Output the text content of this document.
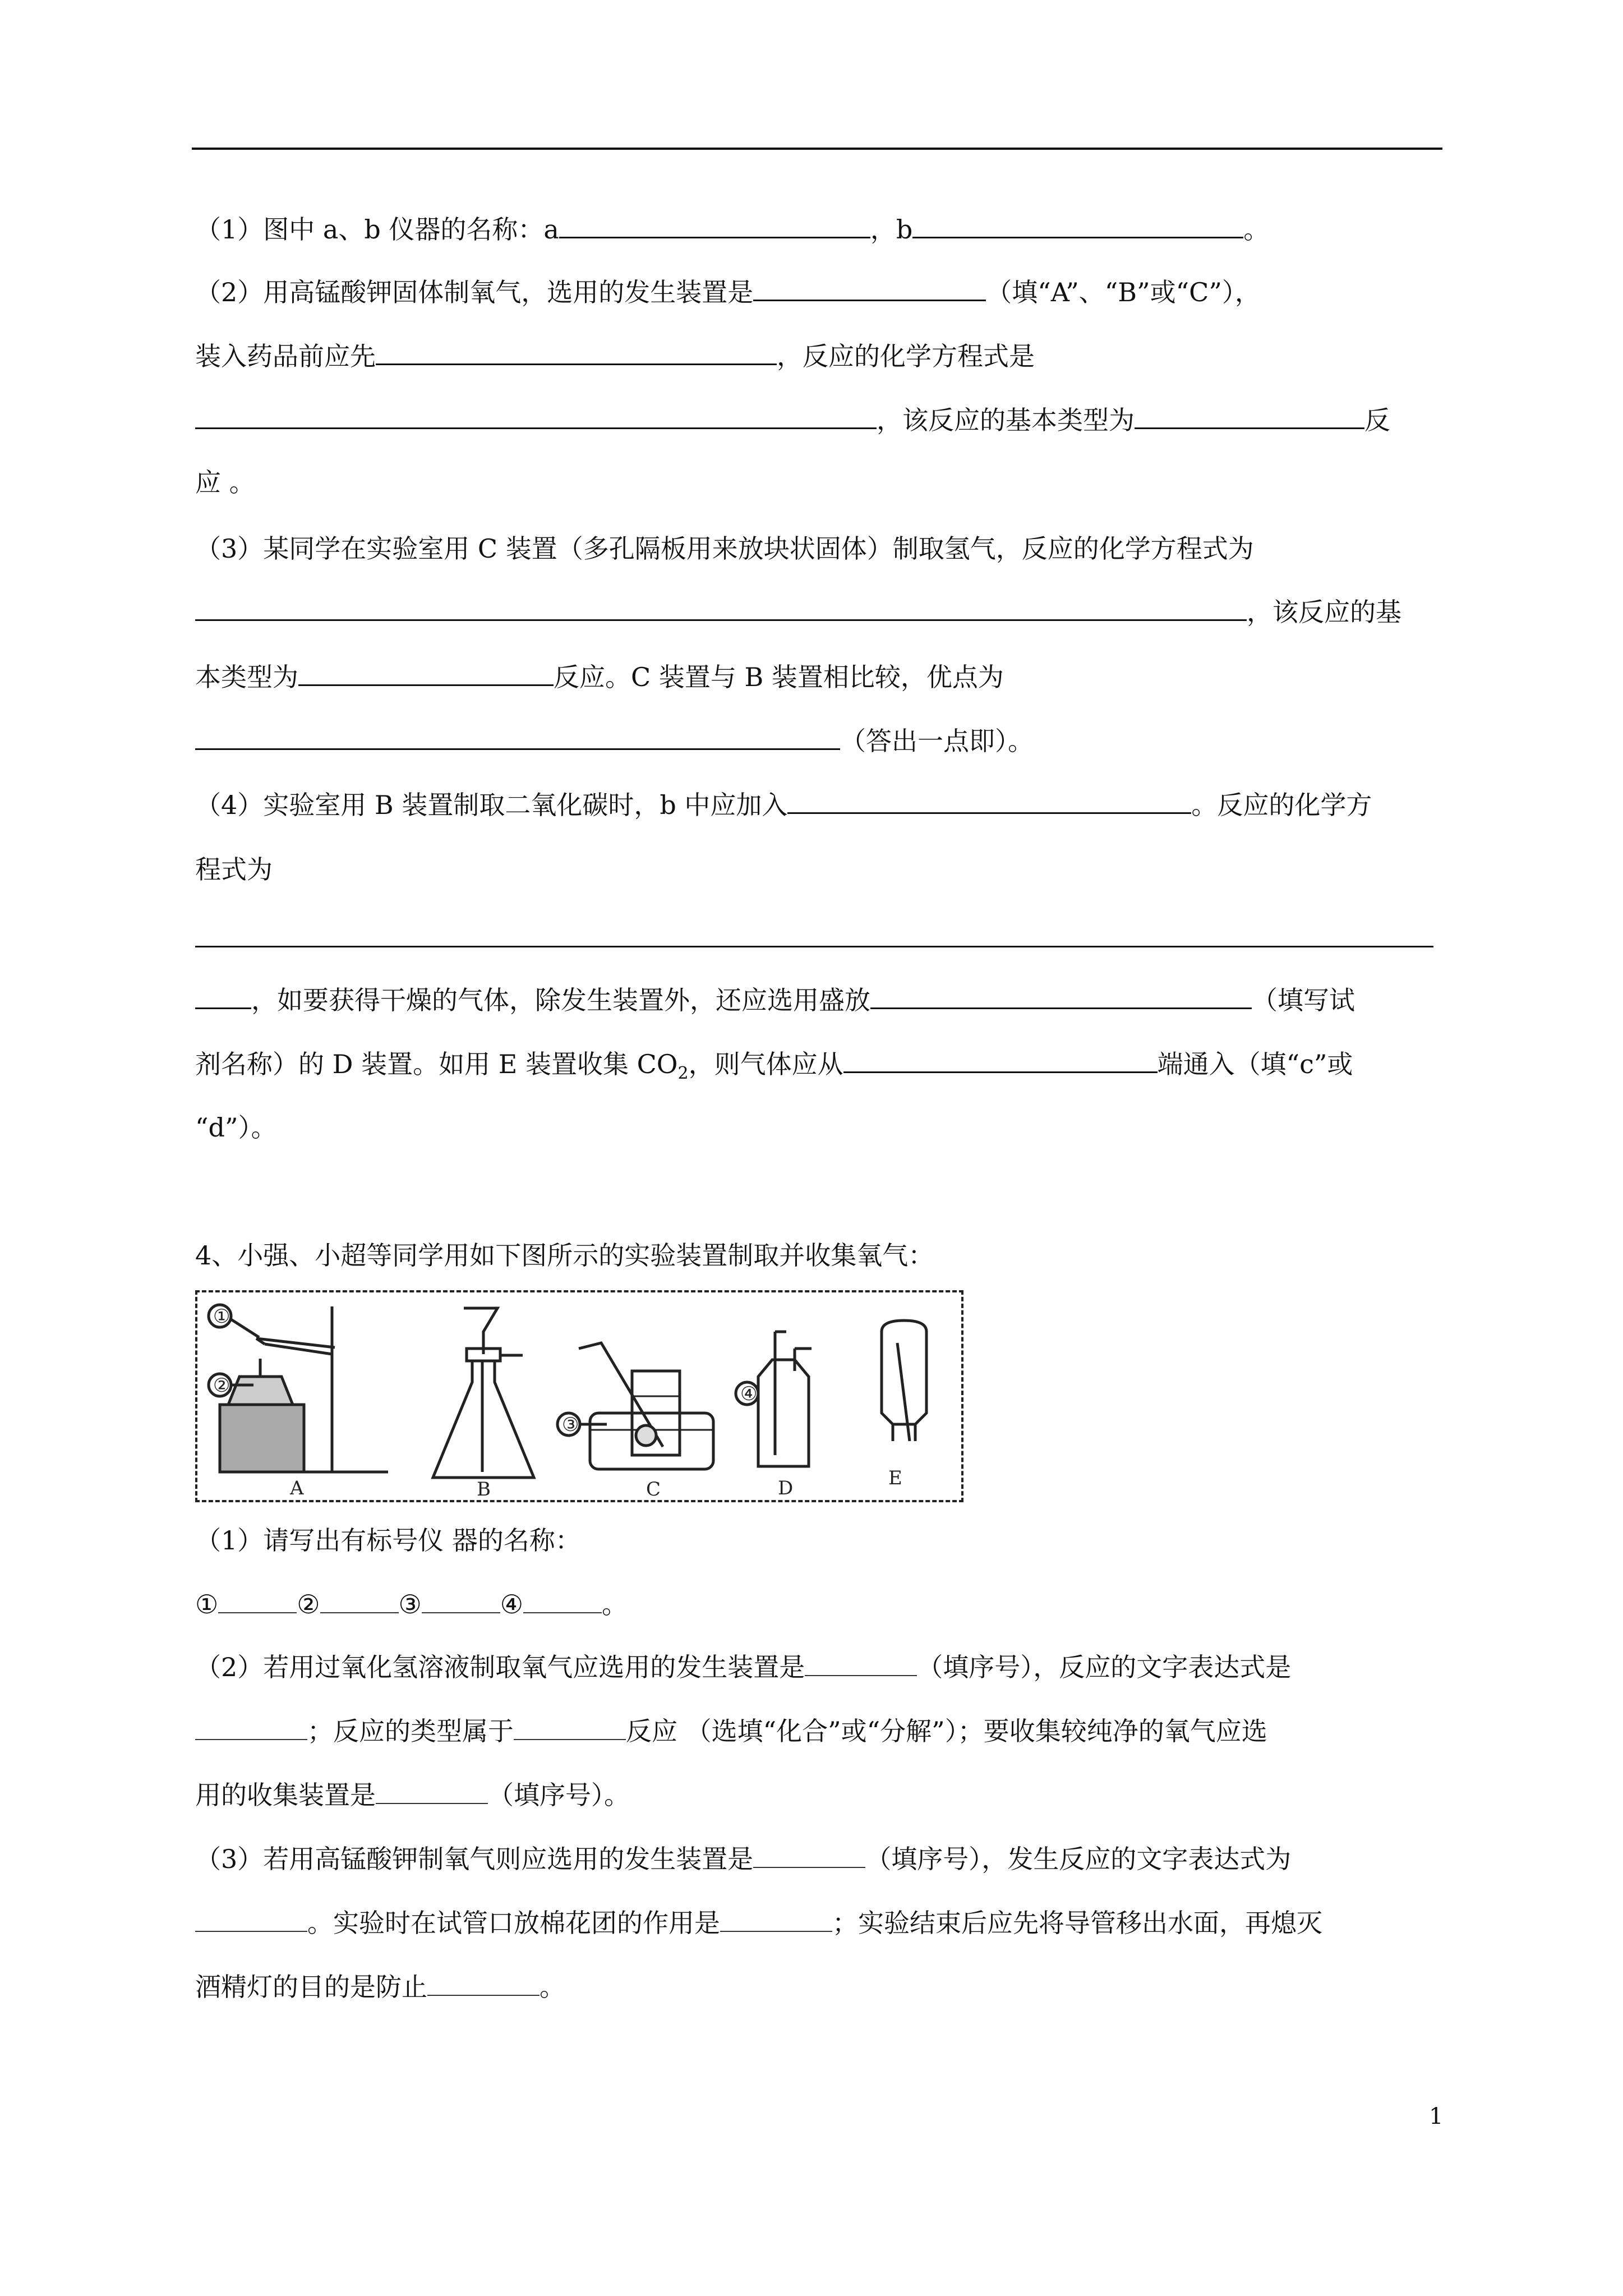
（1）图中 a、b 仪器的名称：a	，b	。
（2）用高锰酸钾固体制氧气，选用的发生装置是	（填“A”、“B”或“C”），
装入药品前应先	，反应的化学方程式是
，该反应的基本类型为	反
应 。
（3）某同学在实验室用 C 装置（多孔隔板用来放块状固体）制取氢气，反应的化学方程式为
，该反应的基
本类型为	反应。C 装置与 B 装置相比较，优点为
（答出一点即）。
（4）实验室用 B 装置制取二氧化碳时，b 中应加入	。反应的化学方
程式为
，如要获得干燥的气体，除发生装置外，还应选用盛放	（填写试
剂名称）的 D 装置。如用 E 装置收集 $CO_2$，则气体应从	端通入（填“c”或
“d”）。
4、小强、小超等同学用如下图所示的实验装置制取并收集氧气：
①
②
③
④
A	B	C	D	E
（1）请写出有标号仪 器的名称：
①	②	③	④	。
（2）若用过氧化氢溶液制取氧气应选用的发生装置是	（填序号），反应的文字表达式是
；反应的类型属于	反应 （选填“化合”或“分解”）；要收集较纯净的氧气应选
用的收集装置是	（填序号）。
（3）若用高锰酸钾制氧气则应选用的发生装置是	（填序号），发生反应的文字表达式为
。实验时在试管口放棉花团的作用是	；实验结束后应先将导管移出水面，再熄灭
酒精灯的目的是防止	。
1
